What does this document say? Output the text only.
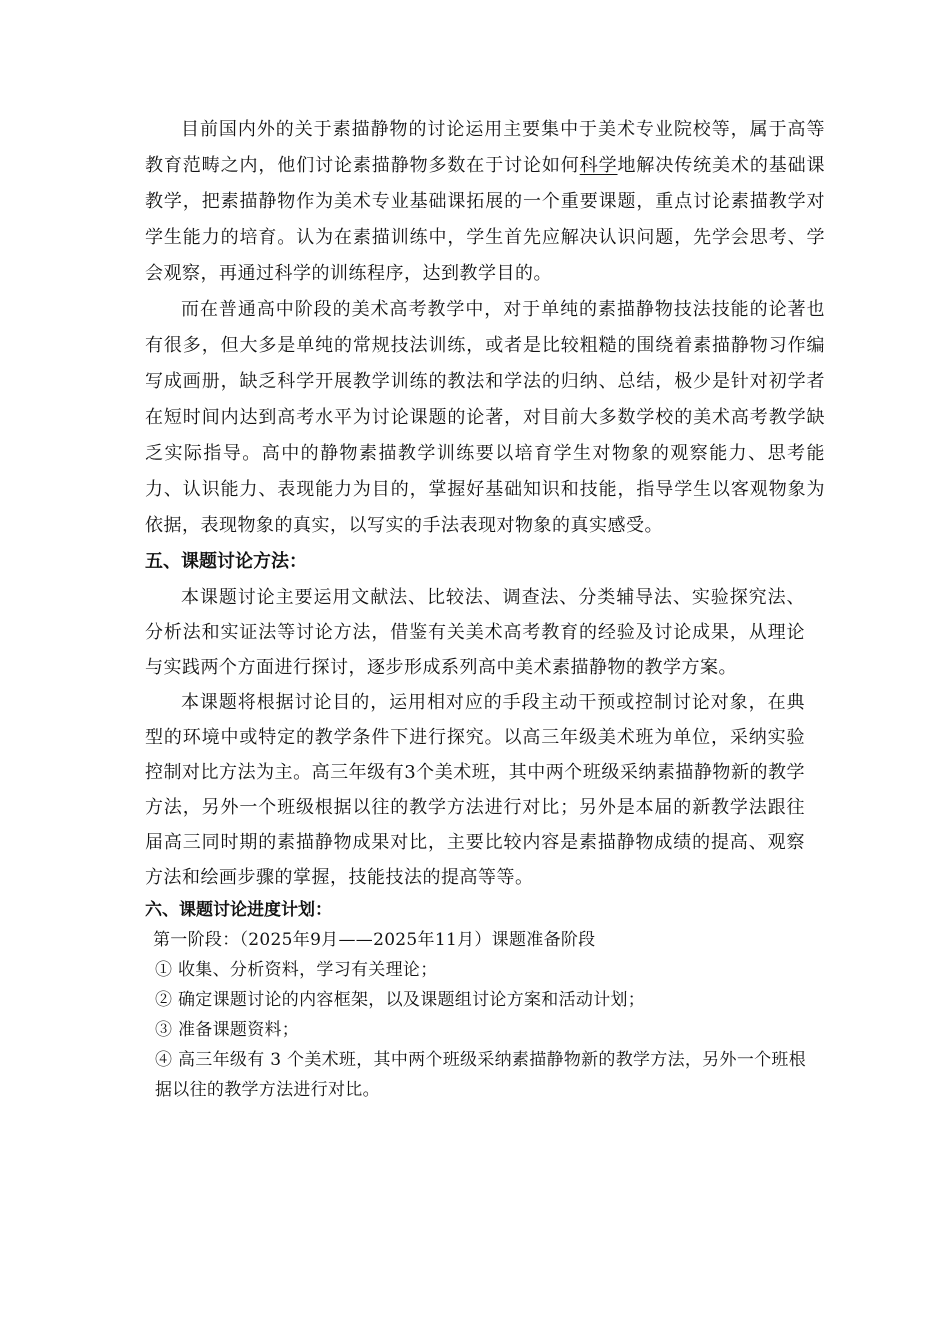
目前国内外的关于素描静物的讨论运用主要集中于美术专业院校等，属于高等教育范畴之内，他们讨论素描静物多数在于讨论如何科学地解决传统美术的基础课教学，把素描静物作为美术专业基础课拓展的一个重要课题，重点讨论素描教学对学生能力的培育。认为在素描训练中，学生首先应解决认识问题，先学会思考、学会观察，再通过科学的训练程序，达到教学目的。

而在普通高中阶段的美术高考教学中，对于单纯的素描静物技法技能的论著也有很多，但大多是单纯的常规技法训练，或者是比较粗糙的围绕着素描静物习作编写成画册，缺乏科学开展教学训练的教法和学法的归纳、总结，极少是针对初学者在短时间内达到高考水平为讨论课题的论著，对目前大多数学校的美术高考教学缺乏实际指导。高中的静物素描教学训练要以培育学生对物象的观察能力、思考能力、认识能力、表现能力为目的，掌握好基础知识和技能，指导学生以客观物象为依据，表现物象的真实，以写实的手法表现对物象的真实感受。

五、课题讨论方法：

本课题讨论主要运用文献法、比较法、调查法、分类辅导法、实验探究法、分析法和实证法等讨论方法，借鉴有关美术高考教育的经验及讨论成果，从理论与实践两个方面进行探讨，逐步形成系列高中美术素描静物的教学方案。

本课题将根据讨论目的，运用相对应的手段主动干预或控制讨论对象，在典型的环境中或特定的教学条件下进行探究。以高三年级美术班为单位，采纳实验控制对比方法为主。高三年级有3个美术班，其中两个班级采纳素描静物新的教学方法，另外一个班级根据以往的教学方法进行对比；另外是本届的新教学法跟往届高三同时期的素描静物成果对比，主要比较内容是素描静物成绩的提高、观察方法和绘画步骤的掌握，技能技法的提高等等。

六、课题讨论进度计划：

第一阶段：（2025年9月——2025年11月）课题准备阶段

① 收集、分析资料，学习有关理论；

② 确定课题讨论的内容框架，以及课题组讨论方案和活动计划；

③ 准备课题资料；

④ 高三年级有 3 个美术班，其中两个班级采纳素描静物新的教学方法，另外一个班根据以往的教学方法进行对比。
